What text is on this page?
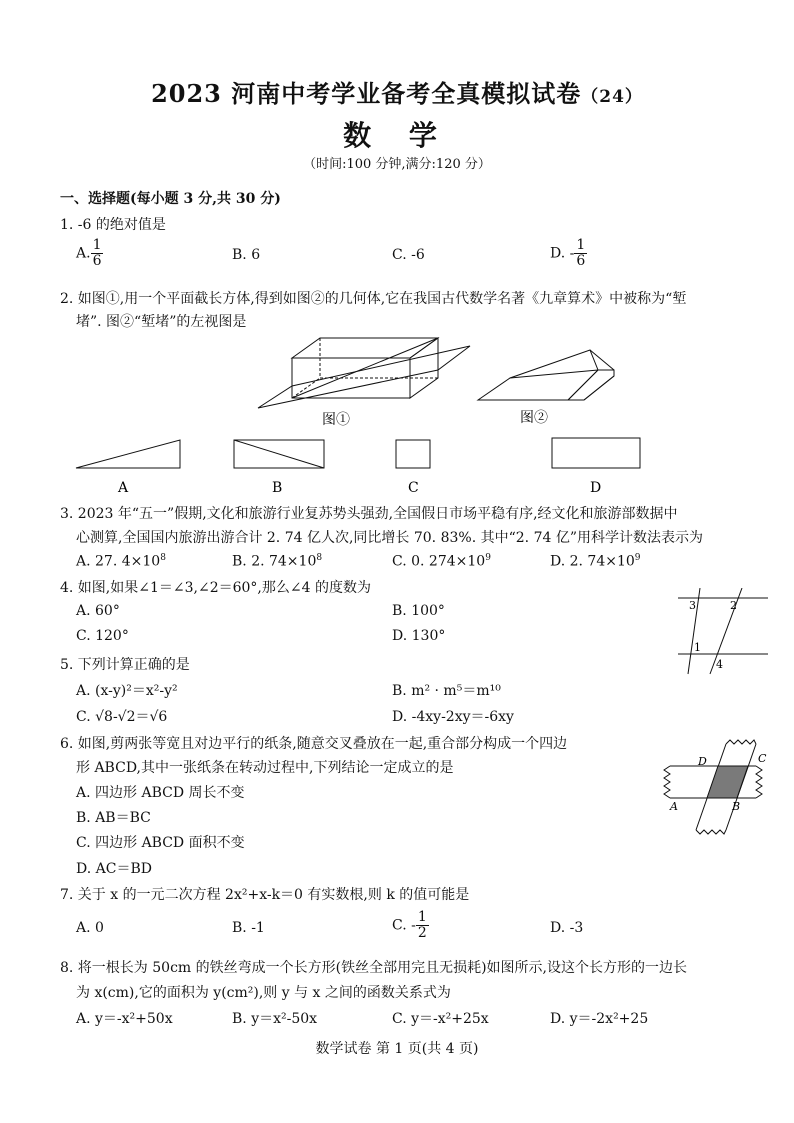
2023 河南中考学业备考全真模拟试卷（24）
数 学
（时间:100 分钟,满分:120 分）
一、选择题(每小题 3 分,共 30 分)
1. -6 的绝对值是
A. $\frac{1}{6}$	B. 6	C. -6	D. - $\frac{1}{6}$
2. 如图①,用一个平面截长方体,得到如图②的几何体,它在我国古代数学名著《九章算术》中被称为“堑
堵”. 图②“堑堵”的左视图是
图①	图②
A	B	C	D
3. 2023 年“五一”假期,文化和旅游行业复苏势头强劲,全国假日市场平稳有序,经文化和旅游部数据中
心测算,全国国内旅游出游合计 2. 74 亿人次,同比增长 70. 83%. 其中“2. 74 亿”用科学计数法表示为
A. 27. $4\times 10^8$	B. 2. $74\times 10^8$	C. 0. $274\times 10^9$	D. 2. $74\times 10^9$
4. 如图,如果∠1＝∠3,∠2＝60°,那么∠4 的度数为
A. 60°	B. 100°
C. 120°	D. 130°
3	2
1
4
5. 下列计算正确的是
A. (x-y)²＝x²-y²	B. m² · m⁵＝m¹⁰
C. √8-√2＝√6	D. -4xy-2xy＝-6xy
6. 如图,剪两张等宽且对边平行的纸条,随意交叉叠放在一起,重合部分构成一个四边
形 ABCD,其中一张纸条在转动过程中,下列结论一定成立的是
A. 四边形 ABCD 周长不变
B. AB＝BC
C. 四边形 ABCD 面积不变
D. AC＝BD
D	C
A	B
7. 关于 x 的一元二次方程 2x²+x-k＝0 有实数根,则 k 的值可能是
A. 0	B. -1	C. - $\frac{1}{2}$	D. -3
8. 将一根长为 50cm 的铁丝弯成一个长方形(铁丝全部用完且无损耗)如图所示,设这个长方形的一边长
为 x(cm),它的面积为 y(cm²),则 y 与 x 之间的函数关系式为
A. y＝-x²+50x	B. y＝x²-50x	C. y＝-x²+25x	D. y＝-2x²+25
数学试卷 第 1 页(共 4 页)
